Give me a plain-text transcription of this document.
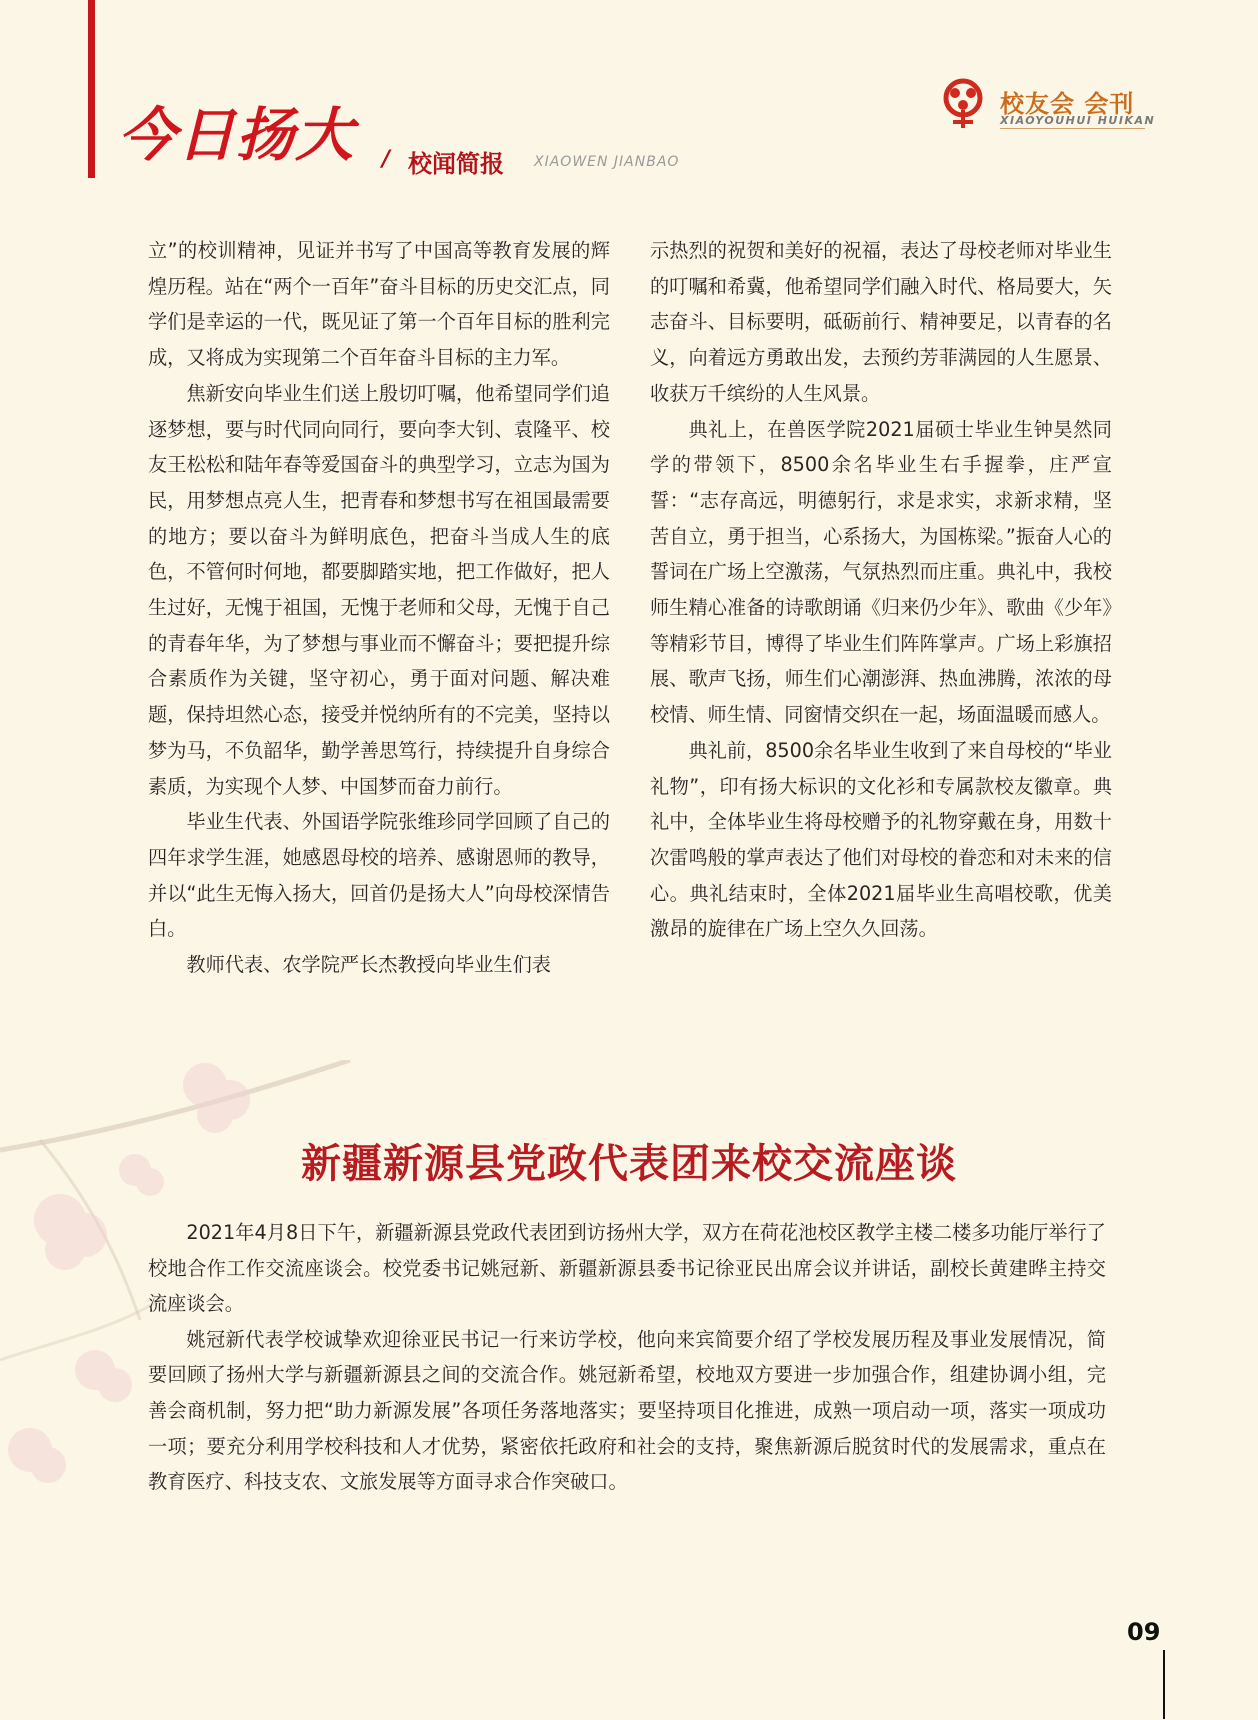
今日扬大 / 校闻简报 XIAOWEN JIANBAO
校友会 会刊
XIAOYOUHUI HUIKAN

立”的校训精神，见证并书写了中国高等教育发展的辉煌历程。站在“两个一百年”奋斗目标的历史交汇点，同学们是幸运的一代，既见证了第一个百年目标的胜利完成，又将成为实现第二个百年奋斗目标的主力军。

焦新安向毕业生们送上殷切叮嘱，他希望同学们追逐梦想，要与时代同向同行，要向李大钊、袁隆平、校友王松松和陆年春等爱国奋斗的典型学习，立志为国为民，用梦想点亮人生，把青春和梦想书写在祖国最需要的地方；要以奋斗为鲜明底色，把奋斗当成人生的底色，不管何时何地，都要脚踏实地，把工作做好，把人生过好，无愧于祖国，无愧于老师和父母，无愧于自己的青春年华，为了梦想与事业而不懈奋斗；要把提升综合素质作为关键，坚守初心，勇于面对问题、解决难题，保持坦然心态，接受并悦纳所有的不完美，坚持以梦为马，不负韶华，勤学善思笃行，持续提升自身综合素质，为实现个人梦、中国梦而奋力前行。

毕业生代表、外国语学院张维珍同学回顾了自己的四年求学生涯，她感恩母校的培养、感谢恩师的教导，并以“此生无悔入扬大，回首仍是扬大人”向母校深情告白。

教师代表、农学院严长杰教授向毕业生们表

示热烈的祝贺和美好的祝福，表达了母校老师对毕业生的叮嘱和希冀，他希望同学们融入时代、格局要大，矢志奋斗、目标要明，砥砺前行、精神要足，以青春的名义，向着远方勇敢出发，去预约芳菲满园的人生愿景、收获万千缤纷的人生风景。

典礼上，在兽医学院2021届硕士毕业生钟昊然同学的带领下，8500余名毕业生右手握拳，庄严宣誓：“志存高远，明德躬行，求是求实，求新求精，坚苦自立，勇于担当，心系扬大，为国栋梁。”振奋人心的誓词在广场上空激荡，气氛热烈而庄重。典礼中，我校师生精心准备的诗歌朗诵《归来仍少年》、歌曲《少年》等精彩节目，博得了毕业生们阵阵掌声。广场上彩旗招展、歌声飞扬，师生们心潮澎湃、热血沸腾，浓浓的母校情、师生情、同窗情交织在一起，场面温暖而感人。

典礼前，8500余名毕业生收到了来自母校的“毕业礼物”，印有扬大标识的文化衫和专属款校友徽章。典礼中，全体毕业生将母校赠予的礼物穿戴在身，用数十次雷鸣般的掌声表达了他们对母校的眷恋和对未来的信心。典礼结束时，全体2021届毕业生高唱校歌，优美激昂的旋律在广场上空久久回荡。

新疆新源县党政代表团来校交流座谈

2021年4月8日下午，新疆新源县党政代表团到访扬州大学，双方在荷花池校区教学主楼二楼多功能厅举行了校地合作工作交流座谈会。校党委书记姚冠新、新疆新源县委书记徐亚民出席会议并讲话，副校长黄建晔主持交流座谈会。

姚冠新代表学校诚挚欢迎徐亚民书记一行来访学校，他向来宾简要介绍了学校发展历程及事业发展情况，简要回顾了扬州大学与新疆新源县之间的交流合作。姚冠新希望，校地双方要进一步加强合作，组建协调小组，完善会商机制，努力把“助力新源发展”各项任务落地落实；要坚持项目化推进，成熟一项启动一项，落实一项成功一项；要充分利用学校科技和人才优势，紧密依托政府和社会的支持，聚焦新源后脱贫时代的发展需求，重点在教育医疗、科技支农、文旅发展等方面寻求合作突破口。

09
